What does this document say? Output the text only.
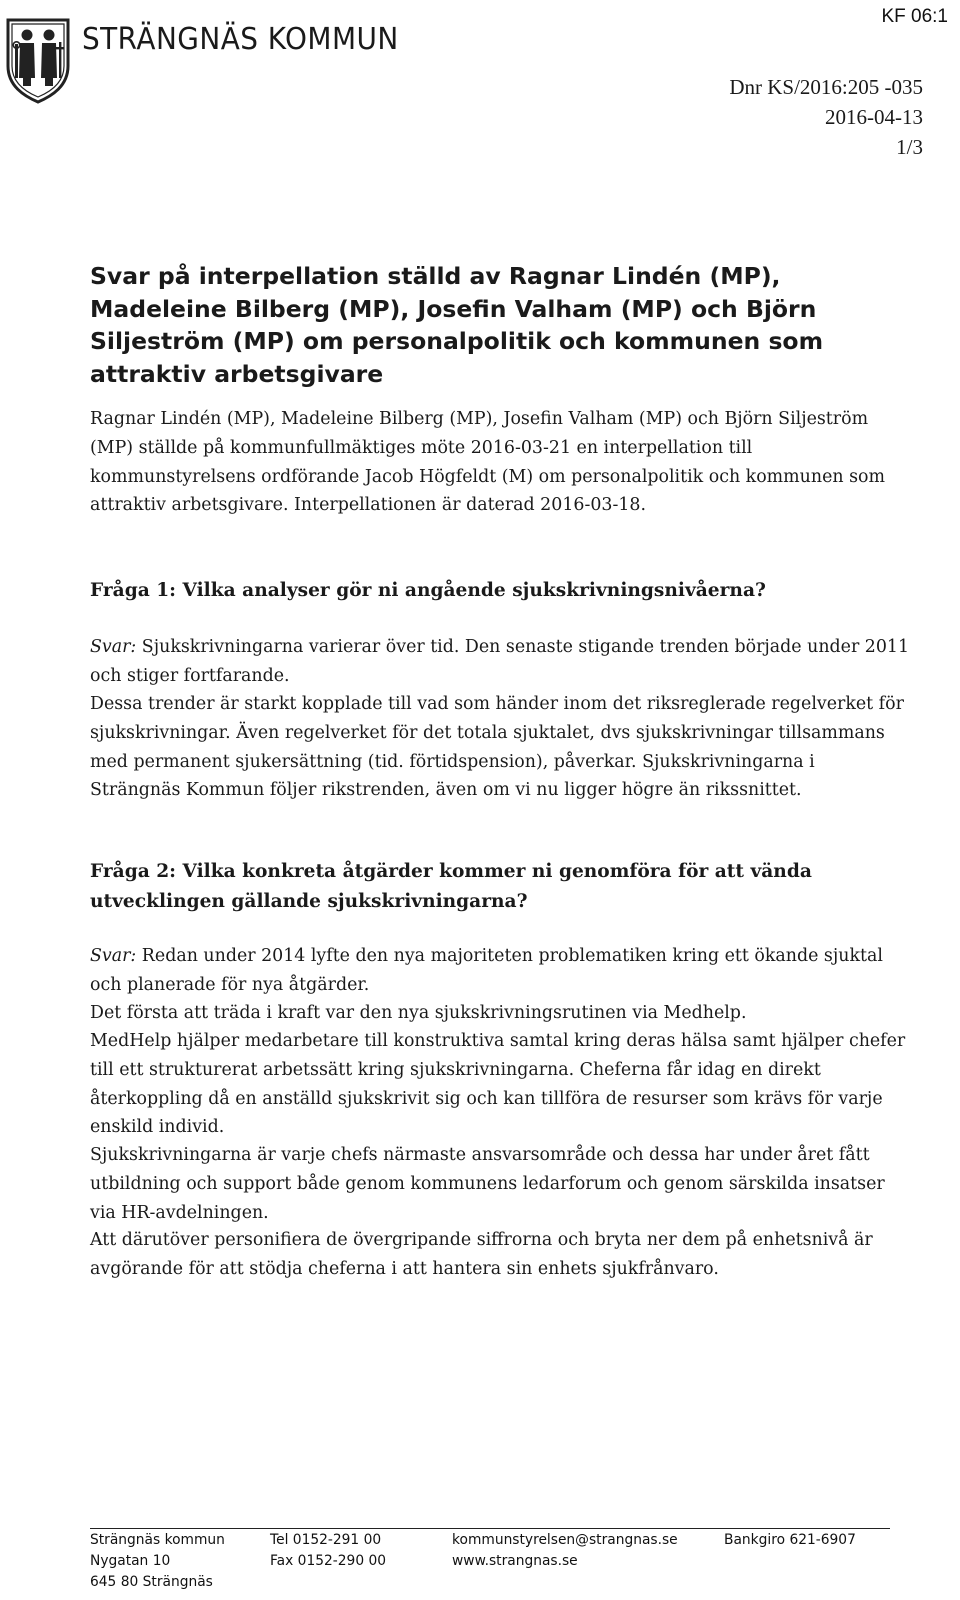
KF 06:1
STRÄNGNÄS KOMMUN
Dnr KS/2016:205 -035
2016-04-13
1/3
Svar på interpellation ställd av Ragnar Lindén (MP), Madeleine Bilberg (MP), Josefin Valham (MP) och Björn Siljeström (MP) om personalpolitik och kommunen som attraktiv arbetsgivare

Ragnar Lindén (MP), Madeleine Bilberg (MP), Josefin Valham (MP) och Björn Siljeström (MP) ställde på kommunfullmäktiges möte 2016-03-21 en interpellation till kommunstyrelsens ordförande Jacob Högfeldt (M) om personalpolitik och kommunen som attraktiv arbetsgivare. Interpellationen är daterad 2016-03-18.

Fråga 1: Vilka analyser gör ni angående sjukskrivningsnivåerna?

Svar: Sjukskrivningarna varierar över tid. Den senaste stigande trenden började under 2011 och stiger fortfarande.

Dessa trender är starkt kopplade till vad som händer inom det riksreglerade regelverket för sjukskrivningar. Även regelverket för det totala sjuktalet, dvs sjukskrivningar tillsammans med permanent sjukersättning (tid. förtidspension), påverkar. Sjukskrivningarna i Strängnäs Kommun följer rikstrenden, även om vi nu ligger högre än rikssnittet.

Fråga 2: Vilka konkreta åtgärder kommer ni genomföra för att vända utvecklingen gällande sjukskrivningarna?

Svar: Redan under 2014 lyfte den nya majoriteten problematiken kring ett ökande sjuktal och planerade för nya åtgärder.

Det första att träda i kraft var den nya sjukskrivningsrutinen via Medhelp.

MedHelp hjälper medarbetare till konstruktiva samtal kring deras hälsa samt hjälper chefer till ett strukturerat arbetssätt kring sjukskrivningarna. Cheferna får idag en direkt återkoppling då en anställd sjukskrivit sig och kan tillföra de resurser som krävs för varje enskild individ.

Sjukskrivningarna är varje chefs närmaste ansvarsområde och dessa har under året fått utbildning och support både genom kommunens ledarforum och genom särskilda insatser via HR-avdelningen.

Att därutöver personifiera de övergripande siffrorna och bryta ner dem på enhetsnivå är avgörande för att stödja cheferna i att hantera sin enhets sjukfrånvaro.

Strängnäs kommun
Nygatan 10
645 80 Strängnäs
Tel 0152-291 00
Fax 0152-290 00
kommunstyrelsen@strangnas.se
www.strangnas.se
Bankgiro 621-6907
